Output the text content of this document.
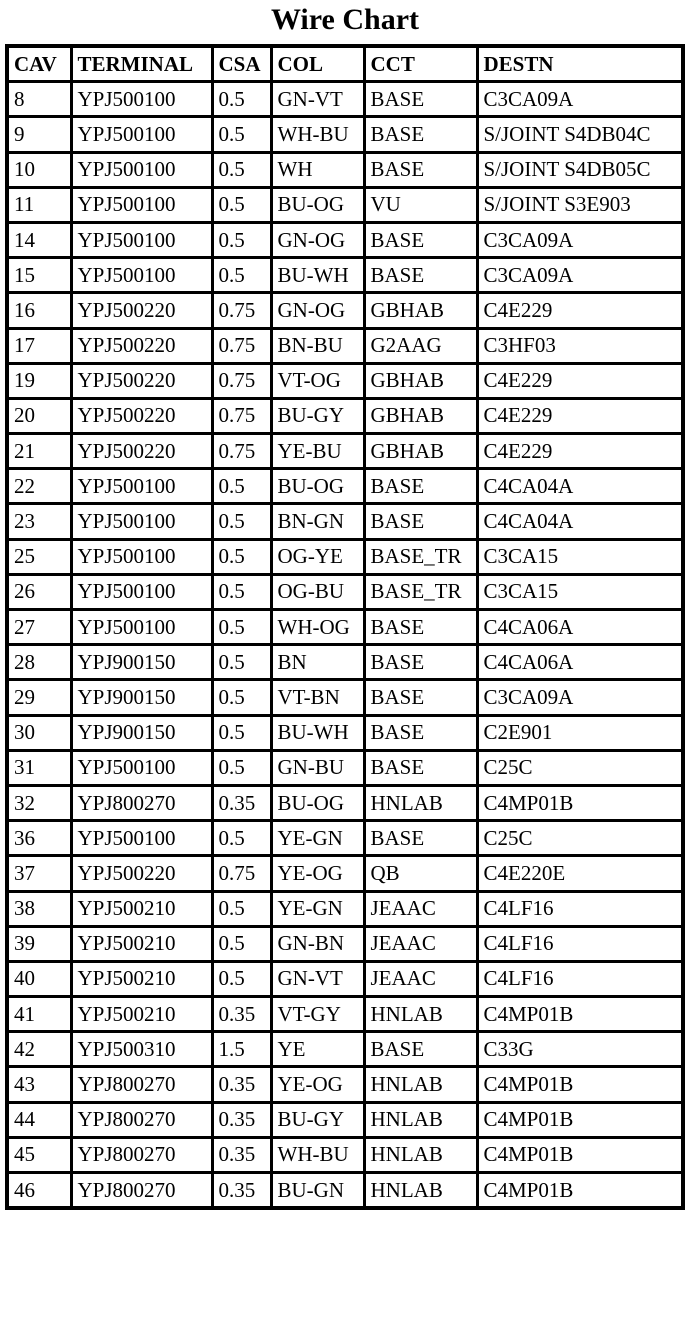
Wire Chart
CAV	TERMINAL	CSA	COL	CCT	DESTN
8	YPJ500100	0.5	GN-VT	BASE	C3CA09A
9	YPJ500100	0.5	WH-BU	BASE	S/JOINT S4DB04C
10	YPJ500100	0.5	WH	BASE	S/JOINT S4DB05C
11	YPJ500100	0.5	BU-OG	VU	S/JOINT S3E903
14	YPJ500100	0.5	GN-OG	BASE	C3CA09A
15	YPJ500100	0.5	BU-WH	BASE	C3CA09A
16	YPJ500220	0.75	GN-OG	GBHAB	C4E229
17	YPJ500220	0.75	BN-BU	G2AAG	C3HF03
19	YPJ500220	0.75	VT-OG	GBHAB	C4E229
20	YPJ500220	0.75	BU-GY	GBHAB	C4E229
21	YPJ500220	0.75	YE-BU	GBHAB	C4E229
22	YPJ500100	0.5	BU-OG	BASE	C4CA04A
23	YPJ500100	0.5	BN-GN	BASE	C4CA04A
25	YPJ500100	0.5	OG-YE	BASE_TR	C3CA15
26	YPJ500100	0.5	OG-BU	BASE_TR	C3CA15
27	YPJ500100	0.5	WH-OG	BASE	C4CA06A
28	YPJ900150	0.5	BN	BASE	C4CA06A
29	YPJ900150	0.5	VT-BN	BASE	C3CA09A
30	YPJ900150	0.5	BU-WH	BASE	C2E901
31	YPJ500100	0.5	GN-BU	BASE	C25C
32	YPJ800270	0.35	BU-OG	HNLAB	C4MP01B
36	YPJ500100	0.5	YE-GN	BASE	C25C
37	YPJ500220	0.75	YE-OG	QB	C4E220E
38	YPJ500210	0.5	YE-GN	JEAAC	C4LF16
39	YPJ500210	0.5	GN-BN	JEAAC	C4LF16
40	YPJ500210	0.5	GN-VT	JEAAC	C4LF16
41	YPJ500210	0.35	VT-GY	HNLAB	C4MP01B
42	YPJ500310	1.5	YE	BASE	C33G
43	YPJ800270	0.35	YE-OG	HNLAB	C4MP01B
44	YPJ800270	0.35	BU-GY	HNLAB	C4MP01B
45	YPJ800270	0.35	WH-BU	HNLAB	C4MP01B
46	YPJ800270	0.35	BU-GN	HNLAB	C4MP01B
